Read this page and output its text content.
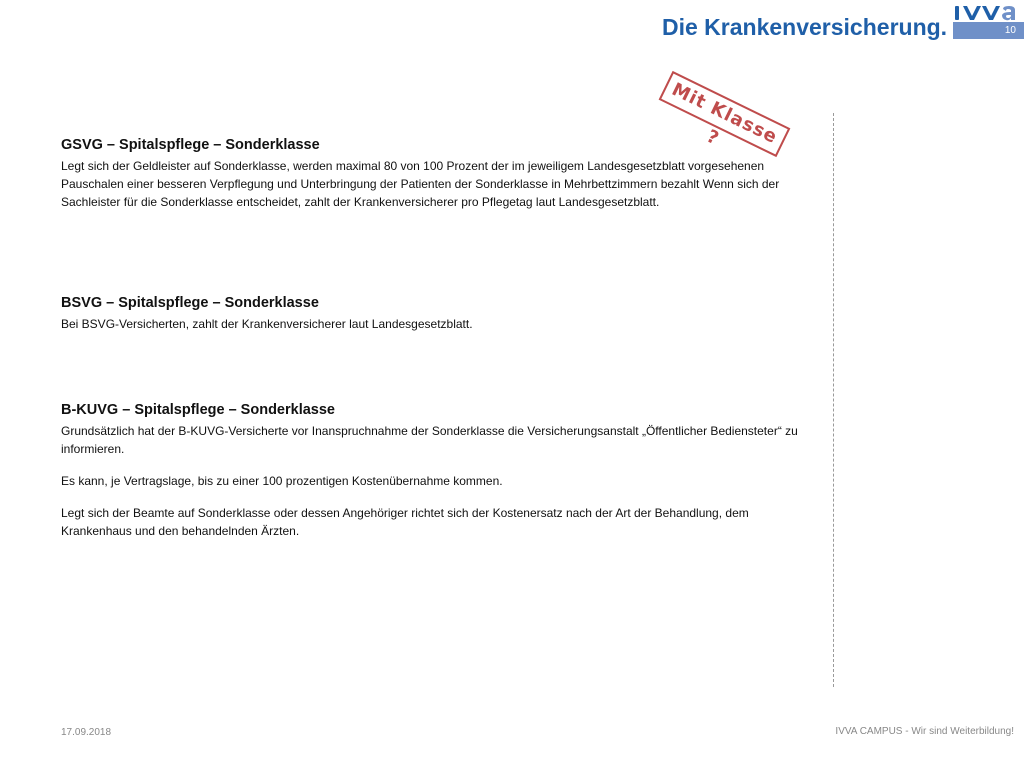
Die Krankenversicherung.	10
Mit Klasse ?
GSVG – Spitalspflege – Sonderklasse

Legt sich der Geldleister auf Sonderklasse, werden maximal 80 von 100 Prozent der im jeweiligem Landesgesetzblatt vorgesehenen Pauschalen einer besseren Verpflegung und Unterbringung der Patienten der Sonderklasse in Mehrbettzimmern bezahlt Wenn sich der Sachleister für die Sonderklasse entscheidet, zahlt der Krankenversicherer pro Pflegetag laut Landesgesetzblatt.

BSVG – Spitalspflege – Sonderklasse

Bei BSVG-Versicherten, zahlt der Krankenversicherer laut Landesgesetzblatt.

B-KUVG – Spitalspflege – Sonderklasse

Grundsätzlich hat der B-KUVG-Versicherte vor Inanspruchnahme der Sonderklasse die Versicherungsanstalt „Öffentlicher Bediensteter“ zu informieren.

Es kann, je Vertragslage, bis zu einer 100 prozentigen Kostenübernahme kommen.

Legt sich der Beamte auf Sonderklasse oder dessen Angehöriger richtet sich der Kostenersatz nach der Art der Behandlung, dem Krankenhaus und den behandelnden Ärzten.

17.09.2018	IVVA CAMPUS - Wir sind Weiterbildung!
